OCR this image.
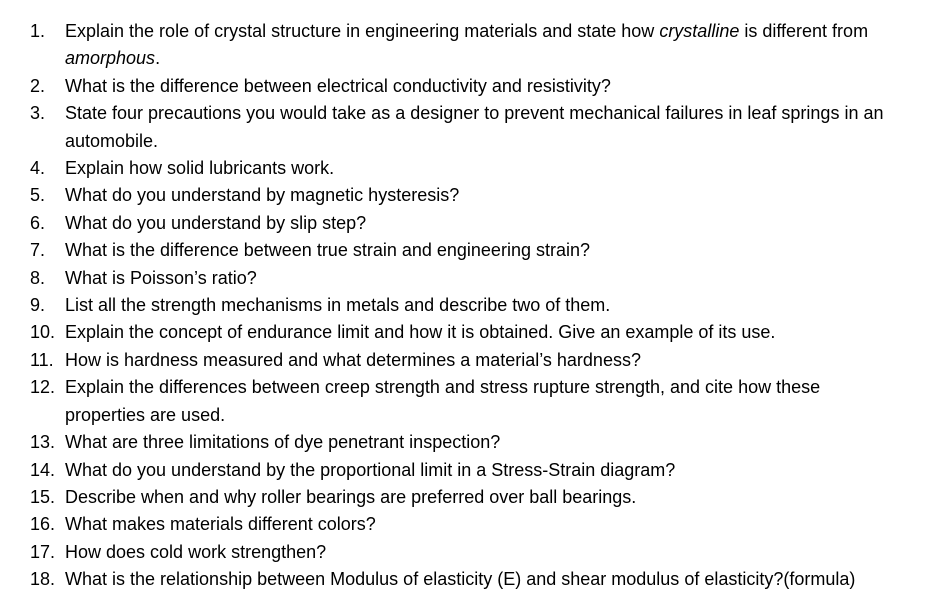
1. Explain the role of crystal structure in engineering materials and state how crystalline is different from
amorphous.
2. What is the difference between electrical conductivity and resistivity?
3. State four precautions you would take as a designer to prevent mechanical failures in leaf springs in an
automobile.
4. Explain how solid lubricants work.
5. What do you understand by magnetic hysteresis?
6. What do you understand by slip step?
7. What is the difference between true strain and engineering strain?
8. What is Poisson’s ratio?
9. List all the strength mechanisms in metals and describe two of them.
10. Explain the concept of endurance limit and how it is obtained. Give an example of its use.
11. How is hardness measured and what determines a material’s hardness?
12. Explain the differences between creep strength and stress rupture strength, and cite how these
properties are used.
13. What are three limitations of dye penetrant inspection?
14. What do you understand by the proportional limit in a Stress-Strain diagram?
15. Describe when and why roller bearings are preferred over ball bearings.
16. What makes materials different colors?
17. How does cold work strengthen?
18. What is the relationship between Modulus of elasticity (E) and shear modulus of elasticity?(formula)
